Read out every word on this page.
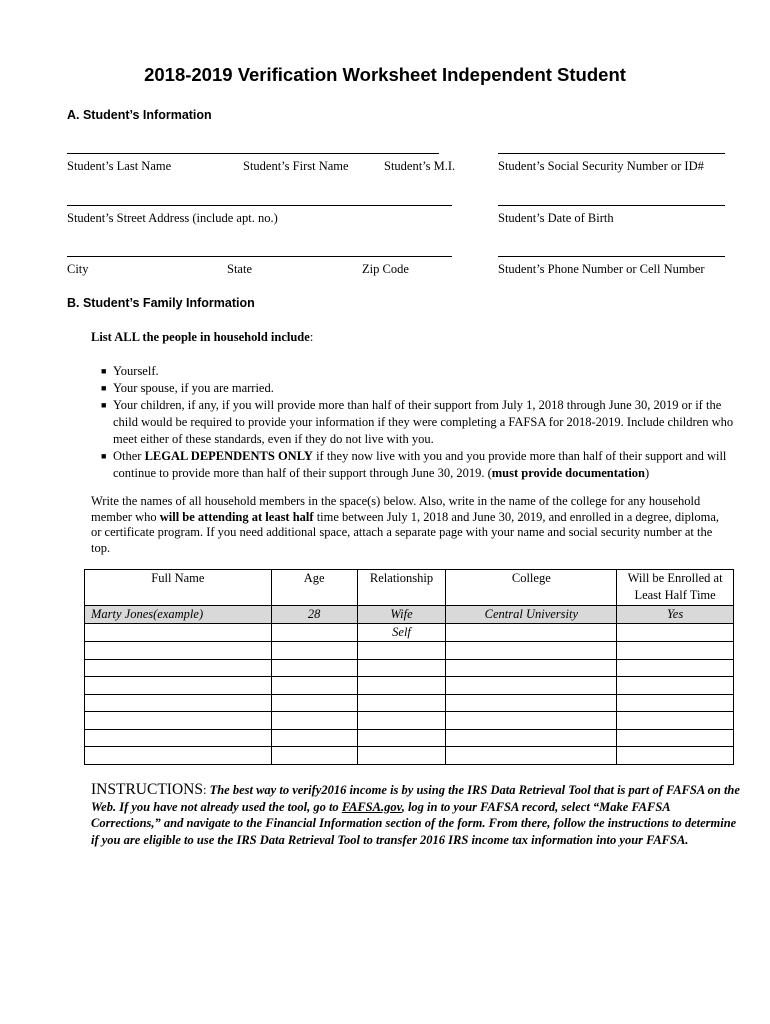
2018-2019 Verification Worksheet Independent Student
A. Student’s Information
Student’s Last Name	Student’s First Name	Student’s M.I.	Student’s Social Security Number or ID#
Student’s Street Address (include apt. no.)	Student’s Date of Birth
City	State	Zip Code	Student’s Phone Number or Cell Number
B. Student’s Family Information
List ALL the people in household include:
■ Yourself.
■ Your spouse, if you are married.
■ Your children, if any, if you will provide more than half of their support from July 1, 2018 through June 30, 2019 or if the child would be required to provide your information if they were completing a FAFSA for 2018-2019. Include children who meet either of these standards, even if they do not live with you.
■ Other LEGAL DEPENDENTS ONLY if they now live with you and you provide more than half of their support and will continue to provide more than half of their support through June 30, 2019. (must provide documentation)
Write the names of all household members in the space(s) below. Also, write in the name of the college for any household member who will be attending at least half time between July 1, 2018 and June 30, 2019, and enrolled in a degree, diploma, or certificate program. If you need additional space, attach a separate page with your name and social security number at the top.
Full Name	Age	Relationship	College	Will be Enrolled at
Least Half Time
Marty Jones(example)	28	Wife	Central University	Yes
		Self		

INSTRUCTIONS: The best way to verify2016 income is by using the IRS Data Retrieval Tool that is part of FAFSA on the Web. If you have not already used the tool, go to FAFSA.gov, log in to your FAFSA record, select “Make FAFSA Corrections,” and navigate to the Financial Information section of the form. From there, follow the instructions to determine if you are eligible to use the IRS Data Retrieval Tool to transfer 2016 IRS income tax information into your FAFSA.
